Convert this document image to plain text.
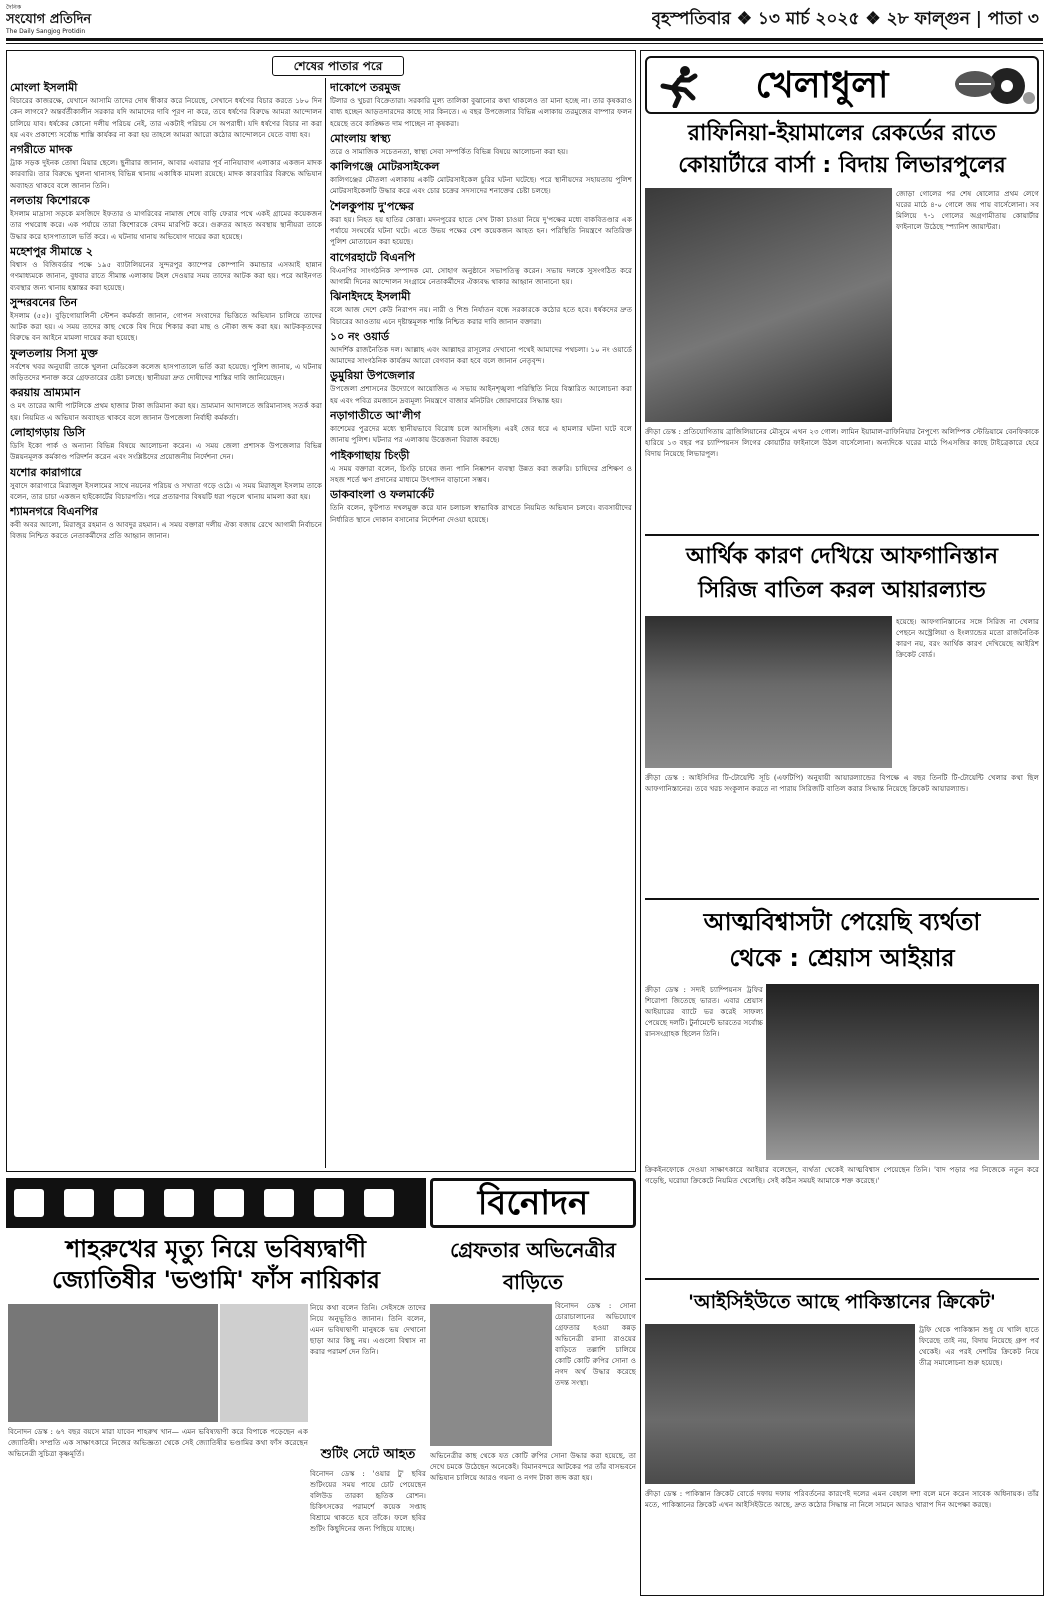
দৈনিক
সংযোগ প্রতিদিন
The Daily Sangjog Protidin
বৃহস্পতিবার ❖ ১৩ মার্চ ২০২৫ ❖ ২৮ ফাল্গুন | পাতা ৩
শেষের পাতার পরে
মোংলা ইসলামী

বিচারের কাজরক্ষে, যেখানে আসামি তাদের দোষ স্বীকার করে নিয়েছে, সেখানে ধর্ষণের বিচার করতে ১৮০ দিন কেন লাগবে? অন্তর্বর্তীকালীন সরকার যদি আমাদের দাবি পূরণ না করে, তবে ধর্ষণের বিরুদ্ধে আমরা আন্দোলন চালিয়ে যাব। ধর্ষকের কোনো দলীয় পরিচয় নেই, তার একটাই পরিচয় সে অপরাধী। যদি ধর্ষণের বিচার না করা হয় এবং প্রকাশ্যে সর্বোচ্চ শাস্তি কার্যকর না করা হয় তাহলে আমরা আরো কঠোর আন্দোলনে যেতে বাধ্য হব।

নগরীতে মাদক

ট্রাক সড়ক দুইনক তোষা মিয়ার ছেলে। ছুনীরার জানান, আবার এবারার পূর্ব নানিয়াবাগ এলাকার একজন মাদক কারবারি। তার বিরুদ্ধে খুলনা থানাসহ বিভিন্ন থানায় একাধিক মামলা রয়েছে। মাদক কারবারির বিরুদ্ধে অভিযান অব্যাহত থাকবে বলে জানান তিনি।

নলতায় কিশোরকে

ইসলাম মাদ্রাসা সড়কে মসজিদে ইফতার ও মাগরিবের নামাজ শেষে বাড়ি ফেরার পথে একই গ্রামের কয়েকজন তার পথরোধ করে। এক পর্যায়ে তারা কিশোরকে বেদম মারপিট করে। গুরুতর আহত অবস্থায় স্থানীয়রা তাকে উদ্ধার করে হাসপাতালে ভর্তি করে। এ ঘটনায় থানায় অভিযোগ দায়ের করা হয়েছে।

মহেশপুর সীমান্তে ২

বিশ্বাস ও বিজিবর্ডার পক্ষে ১৯৫ ব্যাটালিয়নের সুন্দরপুর ক্যাম্পের কোম্পানি কমান্ডার এসআই হান্নান গণমাধ্যমকে জানান, বুধবার রাতে সীমান্ত এলাকায় টহল দেওয়ার সময় তাদের আটক করা হয়। পরে আইনগত ব্যবস্থার জন্য থানায় হস্তান্তর করা হয়েছে।

সুন্দরবনের তিন

ইসলাম (৫৫)। বুড়িগোয়ালিনী স্টেশন কর্মকর্তা জানান, গোপন সংবাদের ভিত্তিতে অভিযান চালিয়ে তাদের আটক করা হয়। এ সময় তাদের কাছ থেকে বিষ দিয়ে শিকার করা মাছ ও নৌকা জব্দ করা হয়। আটককৃতদের বিরুদ্ধে বন আইনে মামলা দায়ের করা হয়েছে।

ফুলতলায় সিসা মুক্ত

সর্বশেষ খবর অনুযায়ী তাকে খুলনা মেডিকেল কলেজ হাসপাতালে ভর্তি করা হয়েছে। পুলিশ জানায়, এ ঘটনায় জড়িতদের শনাক্ত করে গ্রেফতারের চেষ্টা চলছে। স্থানীয়রা দ্রুত দোষীদের শাস্তির দাবি জানিয়েছেন।

করয়ায় ভ্রাম্যমান

ও মৎ তারের আদী পাটলিকে প্রথম হাজার টাকা জরিমানা করা হয়। ভ্রাম্যমান আদালতে জরিমানাসহ সতর্ক করা হয়। নিয়মিত এ অভিযান অব্যাহত থাকবে বলে জানান উপজেলা নির্বাহী কর্মকর্তা।

লোহাগড়ায় ডিসি

ডিসি ইকো পার্ক ও অন্যান্য বিভিন্ন বিষয়ে আলোচনা করেন। এ সময় জেলা প্রশাসক উপজেলার বিভিন্ন উন্নয়নমূলক কর্মকাণ্ড পরিদর্শন করেন এবং সংশ্লিষ্টদের প্রয়োজনীয় নির্দেশনা দেন।

যশোর কারাগারে

সুবাদে কারাগারে মিরাজুল ইসলামের সাথে নয়নের পরিচয় ও সখ্যতা গড়ে ওঠে। এ সময় মিরাজুল ইসলাম তাকে বলেন, তার চাচা একজন হাইকোর্টের বিচারপতি। পরে প্রতারণার বিষয়টি ধরা পড়লে থানায় মামলা করা হয়।

শ্যামনগরে বিএনপির

কবী অবর আলো, মিরাজুর রহমান ও আবদুর রহমান। এ সময় বক্তারা দলীয় ঐক্য বজায় রেখে আগামী নির্বাচনে বিজয় নিশ্চিত করতে নেতাকর্মীদের প্রতি আহ্বান জানান।

দাকোপে তরমুজ

টিলার ও খুচরা বিক্রেতারা। সরকারি মূল্য তালিকা বুঝানোর কথা থাকলেও তা মানা হচ্ছে না। তার কৃষকরাও বাধ্য হচ্ছেন আড়তদারদের কাছে সার কিনতে। এ বছর উপজেলার বিভিন্ন এলাকায় তরমুজের বাম্পার ফলন হয়েছে তবে কাঙ্ক্ষিত দাম পাচ্ছেন না কৃষকরা।

মোংলায় স্বাস্থ্য

তরে ও সামাজিক সচেতনতা, স্বাস্থ্য সেবা সম্পর্কিত বিভিন্ন বিষয়ে আলোচনা করা হয়।

কালিগঞ্জে মোটরসাইকেল

কালিগঞ্জের মৌতলা এলাকায় একটি মোটরসাইকেল চুরির ঘটনা ঘটেছে। পরে স্থানীয়দের সহায়তায় পুলিশ মোটরসাইকেলটি উদ্ধার করে এবং চোর চক্রের সদস্যদের শনাক্তের চেষ্টা চলছে।

শৈলকুপায় দু'পক্ষের

করা হয়। নিহত হয় হাতির কোত্তা। মদনপুরের হাতে সেখ টাকা চাওয়া নিয়ে দু'পক্ষের মধ্যে বাকবিতণ্ডার এক পর্যায়ে সংঘর্ষের ঘটনা ঘটে। এতে উভয় পক্ষের বেশ কয়েকজন আহত হন। পরিস্থিতি নিয়ন্ত্রণে অতিরিক্ত পুলিশ মোতায়েন করা হয়েছে।

বাগেরহাটে বিএনপি

বিএনপির সাংগঠনিক সম্পাদক মো. সোহাগ অনুষ্ঠানে সভাপতিত্ব করেন। সভায় দলকে সুসংগঠিত করে আগামী দিনের আন্দোলন সংগ্রামে নেতাকর্মীদের ঐক্যবদ্ধ থাকার আহ্বান জানানো হয়।

ঝিনাইদহে ইসলামী

বলে আজ দেশে কেউ নিরাপদ নয়। নারী ও শিশু নির্যাতন বন্ধে সরকারকে কঠোর হতে হবে। ধর্ষকদের দ্রুত বিচারের আওতায় এনে দৃষ্টান্তমূলক শাস্তি নিশ্চিত করার দাবি জানান বক্তারা।

১০ নং ওয়ার্ড

আদর্শিক রাজনৈতিক দল। আল্লাহ এবং আল্লাহর রাসূলের দেখানো পথেই আমাদের পথচলা। ১০ নং ওয়ার্ডে আমাদের সাংগঠনিক কার্যক্রম আরো বেগবান করা হবে বলে জানান নেতৃবৃন্দ।

ডুমুরিয়া উপজেলার

উপজেলা প্রশাসনের উদ্যোগে আয়োজিত এ সভায় আইনশৃঙ্খলা পরিস্থিতি নিয়ে বিস্তারিত আলোচনা করা হয় এবং পবিত্র রমজানে দ্রব্যমূল্য নিয়ন্ত্রণে বাজার মনিটরিং জোরদারের সিদ্ধান্ত হয়।

নড়াগাতীতে আ'লীগ

কাশেমের পুত্রদের মধ্যে স্থানীয়ভাবে বিরোধ চলে আসছিল। এরই জের ধরে এ হামলার ঘটনা ঘটে বলে জানায় পুলিশ। ঘটনার পর এলাকায় উত্তেজনা বিরাজ করছে।

পাইকগাছায় চিংড়ী

এ সময় বক্তারা বলেন, চিংড়ি চাষের জন্য পানি নিষ্কাশন ব্যবস্থা উন্নত করা জরুরি। চাষিদের প্রশিক্ষণ ও সহজ শর্তে ঋণ প্রদানের মাধ্যমে উৎপাদন বাড়ানো সম্ভব।

ডাকবাংলা ও ফলমার্কেট

তিনি বলেন, ফুটপাত দখলমুক্ত করে যান চলাচল স্বাভাবিক রাখতে নিয়মিত অভিযান চলবে। ব্যবসায়ীদের নির্ধারিত স্থানে দোকান বসানোর নির্দেশনা দেওয়া হয়েছে।

বিনোদন
শাহরুখের মৃত্যু নিয়ে ভবিষ্যদ্বাণী
জ্যোতিষীর 'ভণ্ডামি' ফাঁস নায়িকার
নিয়ে কথা বলেন তিনি। সেইসঙ্গে তাদের নিয়ে অনুভূতিও জানান। তিনি বলেন, এমন ভবিষ্যদ্বাণী মানুষকে ভয় দেখানো ছাড়া আর কিছু নয়। এগুলো বিশ্বাস না করার পরামর্শ দেন তিনি।
বিনোদন ডেস্ক : ৬৭ বছর বয়সে মারা যাবেন শাহরুখ খান— এমন ভবিষ্যদ্বাণী করে বিপাকে পড়েছেন এক জ্যোতিষী। সম্প্রতি এক সাক্ষাৎকারে নিজের অভিজ্ঞতা থেকে সেই জ্যোতিষীর ভণ্ডামির কথা ফাঁস করেছেন অভিনেত্রী সুচিত্রা কৃষ্ণমূর্তি।
গ্রেফতার অভিনেত্রীর বাড়িতে
বিনোদন ডেস্ক : সোনা চোরাচালানের অভিযোগে গ্রেফতার হওয়া কন্নড় অভিনেত্রী রান্যা রাওয়ের বাড়িতে তল্লাশি চালিয়ে কোটি কোটি রুপির সোনা ও নগদ অর্থ উদ্ধার করেছে তদন্ত সংস্থা।
অভিনেত্রীর কাছ থেকে যত কোটি রুপির সোনা উদ্ধার করা হয়েছে, তা দেখে চমকে উঠেছেন অনেকেই। বিমানবন্দরে আটকের পর তাঁর বাসভবনে অভিযান চালিয়ে আরও গয়না ও নগদ টাকা জব্দ করা হয়।
শুটিং সেটে আহত
বিনোদন ডেস্ক : 'ওয়ার টু' ছবির শুটিংয়ের সময় পায়ে চোট পেয়েছেন বলিউড তারকা হৃতিক রোশন। চিকিৎসকের পরামর্শে কয়েক সপ্তাহ বিশ্রামে থাকতে হবে তাঁকে। ফলে ছবির শুটিং কিছুদিনের জন্য পিছিয়ে যাচ্ছে।
খেলাধুলা
রাফিনিয়া-ইয়ামালের রেকর্ডের রাতে
কোয়ার্টারে বার্সা : বিদায় লিভারপুলের
জোড়া গোলের পর শেষ ষোলোর প্রথম লেগে ঘরের মাঠে ৪-০ গোলে জয় পায় বার্সেলোনা। সব মিলিয়ে ৭-১ গোলের অগ্রগামীতায় কোয়ার্টার ফাইনালে উঠেছে স্প্যানিশ জায়ান্টরা।
ক্রীড়া ডেস্ক : প্রতিযোগিতায় ব্রাজিলিয়ানের মৌসুমে এখন ২৩ গোল। লামিন ইয়ামাল-রাফিনিয়ার নৈপুণ্যে অলিম্পিক স্টেডিয়ামে বেনফিকাকে হারিয়ে ১৩ বছর পর চ্যাম্পিয়নস লিগের কোয়ার্টার ফাইনালে উঠল বার্সেলোনা। অন্যদিকে ঘরের মাঠে পিএসজির কাছে টাইব্রেকারে হেরে বিদায় নিয়েছে লিভারপুল।
আর্থিক কারণ দেখিয়ে আফগানিস্তান
সিরিজ বাতিল করল আয়ারল্যান্ড
হয়েছে। আফগানিস্তানের সঙ্গে সিরিজ না খেলার পেছনে অস্ট্রেলিয়া ও ইংল্যান্ডের মতো রাজনৈতিক কারণ নয়, বরং আর্থিক কারণ দেখিয়েছে আইরিশ ক্রিকেট বোর্ড।
ক্রীড়া ডেস্ক : আইসিসির টি-টোয়েন্টি সূচি (এফটিপি) অনুযায়ী আয়ারল্যান্ডের বিপক্ষে এ বছর তিনটি টি-টোয়েন্টি খেলার কথা ছিল আফগানিস্তানের। তবে খরচ সংকুলান করতে না পারায় সিরিজটি বাতিল করার সিদ্ধান্ত নিয়েছে ক্রিকেট আয়ারল্যান্ড।
আত্মবিশ্বাসটা পেয়েছি ব্যর্থতা
থেকে : শ্রেয়াস আইয়ার
ক্রীড়া ডেস্ক : সদ্যই চ্যাম্পিয়নস ট্রফির শিরোপা জিতেছে ভারত। এবার শ্রেয়াস আইয়ারের ব্যাটে ভর করেই সাফল্য পেয়েছে দলটি। টুর্নামেন্টে ভারতের সর্বোচ্চ রানসংগ্রাহক ছিলেন তিনি।
ক্রিকইনফোকে দেওয়া সাক্ষাৎকারে আইয়ার বলেছেন, ব্যর্থতা থেকেই আত্মবিশ্বাস পেয়েছেন তিনি। 'বাদ পড়ার পর নিজেকে নতুন করে গড়েছি, ঘরোয়া ক্রিকেটে নিয়মিত খেলেছি। সেই কঠিন সময়ই আমাকে শক্ত করেছে।'
'আইসিইউতে আছে পাকিস্তানের ক্রিকেট'
ট্রফি থেকে পাকিস্তান শুধু যে খালি হাতে ফিরেছে তাই নয়, বিদায় নিয়েছে গ্রুপ পর্ব থেকেই। এর পরই দেশটির ক্রিকেট নিয়ে তীব্র সমালোচনা শুরু হয়েছে।
ক্রীড়া ডেস্ক : পাকিস্তান ক্রিকেট বোর্ডে দফায় দফায় পরিবর্তনের কারণেই দলের এমন বেহাল দশা বলে মনে করেন সাবেক অধিনায়ক। তাঁর মতে, পাকিস্তানের ক্রিকেট এখন আইসিইউতে আছে, দ্রুত কঠোর সিদ্ধান্ত না নিলে সামনে আরও খারাপ দিন অপেক্ষা করছে।
